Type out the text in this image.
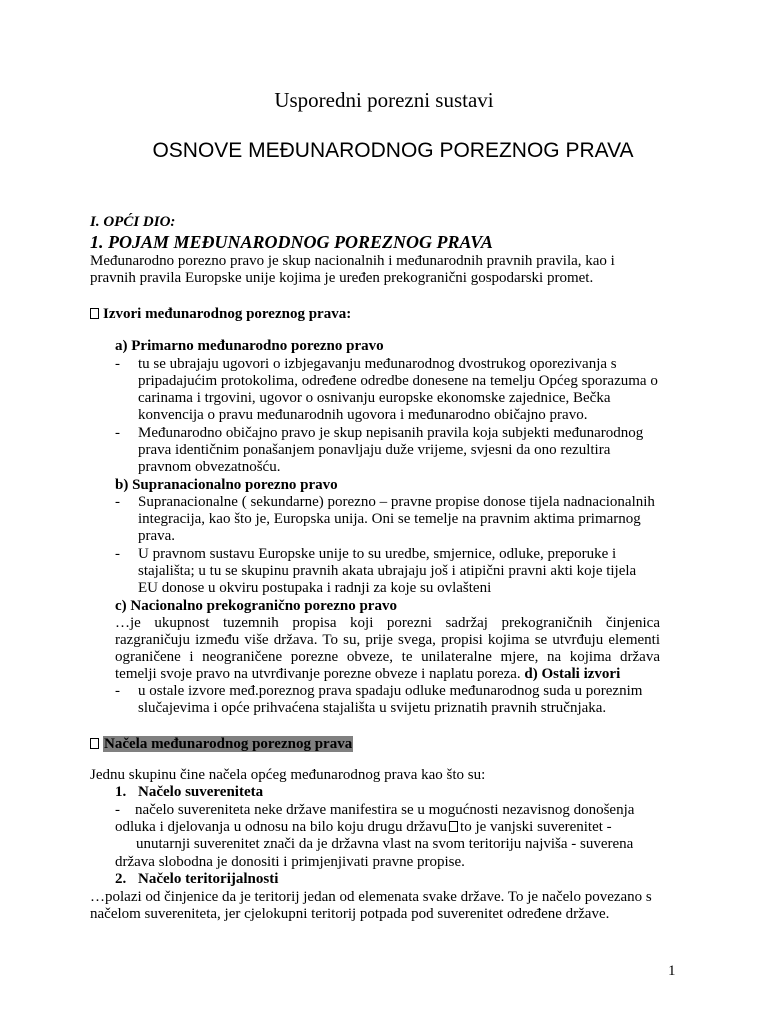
Usporedni porezni sustavi
OSNOVE MEĐUNARODNOG POREZNOG PRAVA
I. OPĆI DIO:
1. POJAM MEĐUNARODNOG POREZNOG PRAVA
Međunarodno porezno pravo je skup nacionalnih i međunarodnih pravnih pravila, kao i
pravnih pravila Europske unije kojima je uređen prekogranični gospodarski promet.
Izvori međunarodnog poreznog prava:
a) Primarno međunarodno porezno pravo
- tu se ubrajaju ugovori o izbjegavanju međunarodnog dvostrukog oporezivanja s
pripadajućim protokolima, određene odredbe donesene na temelju Općeg sporazuma o
carinama i trgovini, ugovor o osnivanju europske ekonomske zajednice, Bečka
konvencija o pravu međunarodnih ugovora i međunarodno običajno pravo.
- Međunarodno običajno pravo je skup nepisanih pravila koja subjekti međunarodnog
prava identičnim ponašanjem ponavljaju duže vrijeme, svjesni da ono rezultira
pravnom obvezatnošću.
b) Supranacionalno porezno pravo
- Supranacionalne ( sekundarne) porezno – pravne propise donose tijela nadnacionalnih
integracija, kao što je, Europska unija. Oni se temelje na pravnim aktima primarnog
prava.
- U pravnom sustavu Europske unije to su uredbe, smjernice, odluke, preporuke i
stajališta; u tu se skupinu pravnih akata ubrajaju još i atipični pravni akti koje tijela
EU donose u okviru postupaka i radnji za koje su ovlašteni
c) Nacionalno prekogranično porezno pravo
…je ukupnost tuzemnih propisa koji porezni sadržaj prekograničnih činjenica
razgraničuju između više država. To su, prije svega, propisi kojima se utvrđuju elementi
ograničene i neograničene porezne obveze, te unilateralne mjere, na kojima država
temelji svoje pravo na utvrđivanje porezne obveze i naplatu poreza. d) Ostali izvori
- u ostale izvore međ.poreznog prava spadaju odluke međunarodnog suda u poreznim
slučajevima i opće prihvaćena stajališta u svijetu priznatih pravnih stručnjaka.
Načela međunarodnog poreznog prava
Jednu skupinu čine načela općeg međunarodnog prava kao što su:
1. Načelo suvereniteta
- načelo suvereniteta neke države manifestira se u mogućnosti nezavisnog donošenja
odluka i djelovanja u odnosu na bilo koju drugu državu to je vanjski suverenitet -
unutarnji suverenitet znači da je državna vlast na svom teritoriju najviša - suverena
država slobodna je donositi i primjenjivati pravne propise.
2. Načelo teritorijalnosti
…polazi od činjenice da je teritorij jedan od elemenata svake države. To je načelo povezano s
načelom suvereniteta, jer cjelokupni teritorij potpada pod suverenitet određene države.
1
